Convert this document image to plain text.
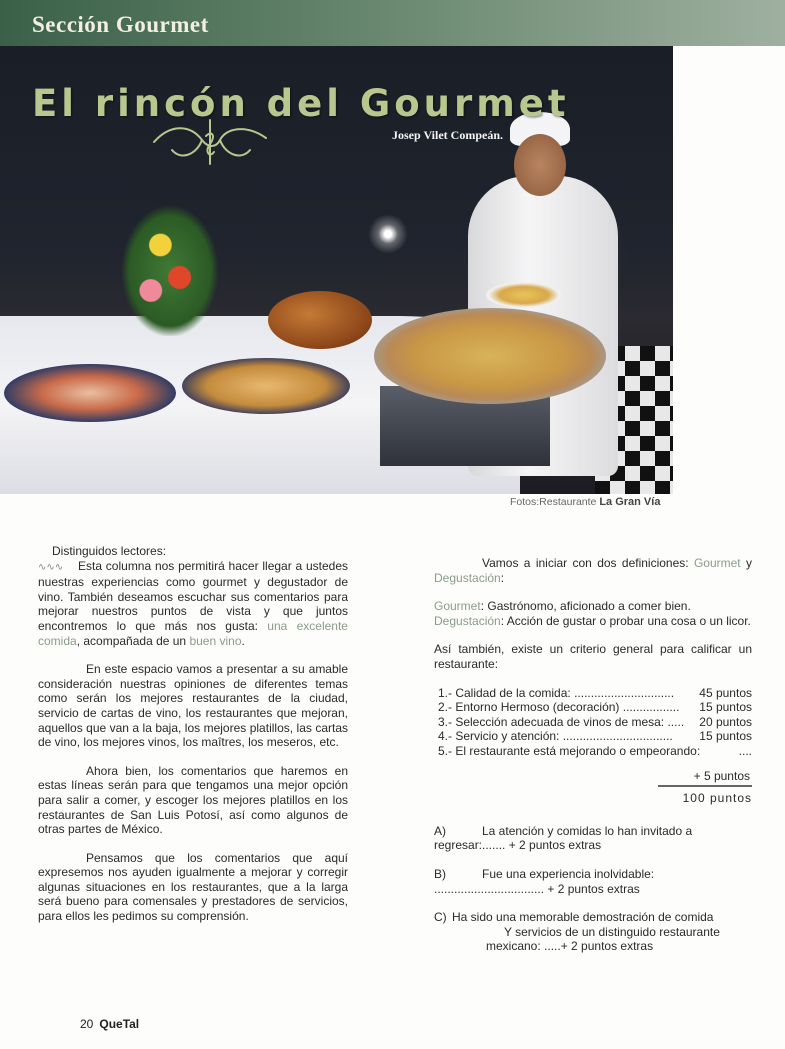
Sección Gourmet
El rincón del Gourmet
Josep Vilet Compeán.
Fotos:Restaurante La Gran Vía

Distinguidos lectores:

∿∿∿ Esta columna nos permitirá hacer llegar a ustedes nuestras experiencias como gourmet y degustador de vino. También deseamos escuchar sus comentarios para mejorar nuestros puntos de vista y que juntos encontremos lo que más nos gusta: una excelente comida, acompañada de un buen vino.

En este espacio vamos a presentar a su amable consideración nuestras opiniones de diferentes temas como serán los mejores restaurantes de la ciudad, servicio de cartas de vino, los restaurantes que mejoran, aquellos que van a la baja, los mejores platillos, las cartas de vino, los mejores vinos, los maîtres, los meseros, etc.

Ahora bien, los comentarios que haremos en estas líneas serán para que tengamos una mejor opción para salir a comer, y escoger los mejores platillos en los restaurantes de San Luis Potosí, así como algunos de otras partes de México.

Pensamos que los comentarios que aquí expresemos nos ayuden igualmente a mejorar y corregir algunas situaciones en los restaurantes, que a la larga será bueno para comensales y prestadores de servicios, para ellos les pedimos su comprensión.

Vamos a iniciar con dos definiciones: Gourmet y Degustación:

Gourmet: Gastrónomo, aficionado a comer bien.

Degustación: Acción de gustar o probar una cosa o un licor.

Así también, existe un criterio general para calificar un restaurante:

1.- Calidad de la comida: .............................. 45 puntos
2.- Entorno Hermoso (decoración) ................. 15 puntos
3.- Selección adecuada de vinos de mesa: ..... 20 puntos
4.- Servicio y atención: ................................. 15 puntos
5.- El restaurante está mejorando o empeorando:	....

+ 5 puntos

100 puntos

A)	La atención y comidas lo han invitado a

regresar:....... + 2 puntos extras

B)	Fue una experiencia inolvidable:

................................. + 2 puntos extras

C) Ha sido una memorable demostración de comida

Y servicios de un distinguido restaurante

mexicano: .....+ 2 puntos extras

20 QueTal
